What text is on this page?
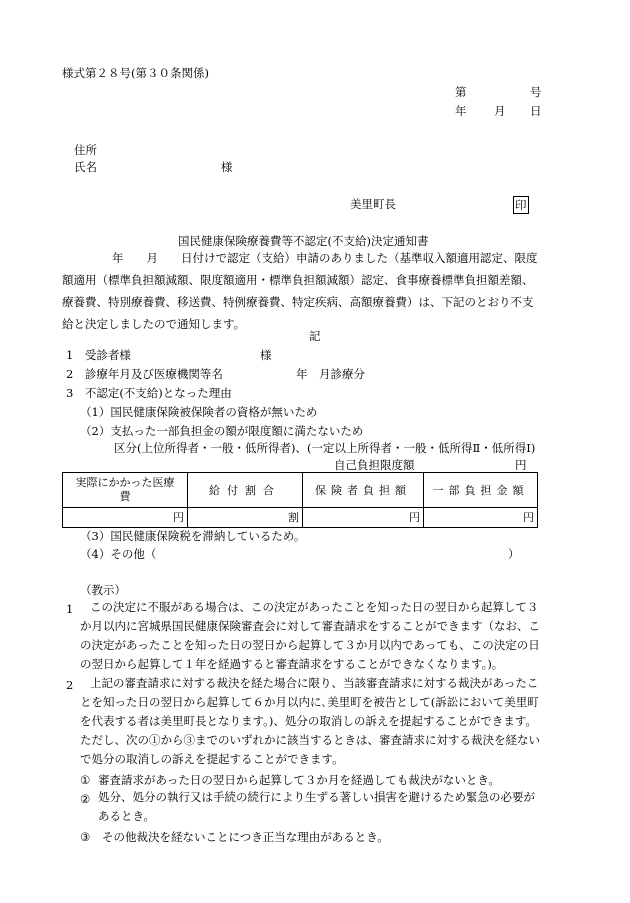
様式第２８号(第３０条関係)
第	号
年 月 日
住所
氏名	様
美里町長	印
国民健康保険療養費等不認定(不支給)決定通知書
年　　月　　日付けで認定（支給）申請のありました（基準収入額適用認定、限度
額適用（標準負担額減額、限度額適用・標準負担額減額）認定、食事療養標準負担額差額、
療養費、特別療養費、移送費、特例療養費、特定疾病、高額療養費）は、下記のとおり不支
給と決定しましたので通知します。
記
1　受診者様	様
2　診療年月及び医療機関等名	年　月診療分
3　不認定(不支給)となった理由
（1）国民健康保険被保険者の資格が無いため
（2）支払った一部負担金の額が限度額に満たないため
区分(上位所得者・一般・低所得者)、(一定以上所得者・一般・低所得Ⅱ・低所得Ⅰ)
自己負担限度額	円
実際にかかった医療費	給付割合	保険者負担額	一部負担金額
円	割	円	円
（3）国民健康保険税を滞納しているため。
（4）その他（	）
（教示）
1	この決定に不服がある場合は、この決定があったことを知った日の翌日から起算して３
か月以内に宮城県国民健康保険審査会に対して審査請求をすることができます（なお、こ
の決定があったことを知った日の翌日から起算して３か月以内であっても、この決定の日
の翌日から起算して１年を経過すると審査請求をすることができなくなります。)。
2	上記の審査請求に対する裁決を経た場合に限り、当該審査請求に対する裁決があったこ
とを知った日の翌日から起算して６か月以内に､美里町を被告として(訴訟において美里町
を代表する者は美里町長となります。)、処分の取消しの訴えを提起することができます。
ただし、次の①から③までのいずれかに該当するときは、審査請求に対する裁決を経ない
で処分の取消しの訴えを提起することができます。
① 審査請求があった日の翌日から起算して３か月を経過しても裁決がないとき。
② 処分、処分の執行又は手続の続行により生ずる著しい損害を避けるため緊急の必要が
あるとき。
③ その他裁決を経ないことにつき正当な理由があるとき。
